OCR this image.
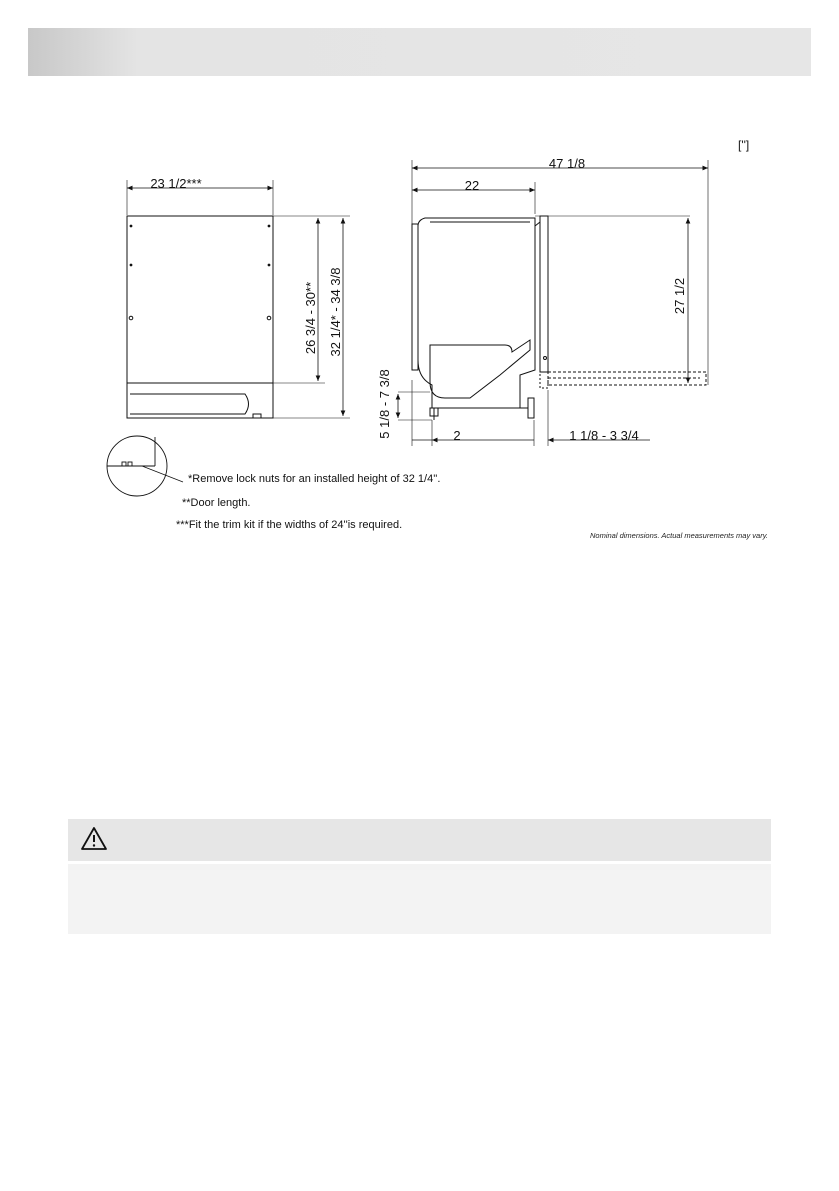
['']
23 1/2***
26 3/4 - 30** 32 1/4* - 34 3/8
47 1/8
22
27 1/2
5 1/8 - 7 3/8	2	1 1/8 - 3 3/4
*Remove lock nuts for an installed height of 32 1/4''.
**Door length.
***Fit the trim kit if the widths of 24''is required.
Nominal dimensions. Actual measurements may vary.
